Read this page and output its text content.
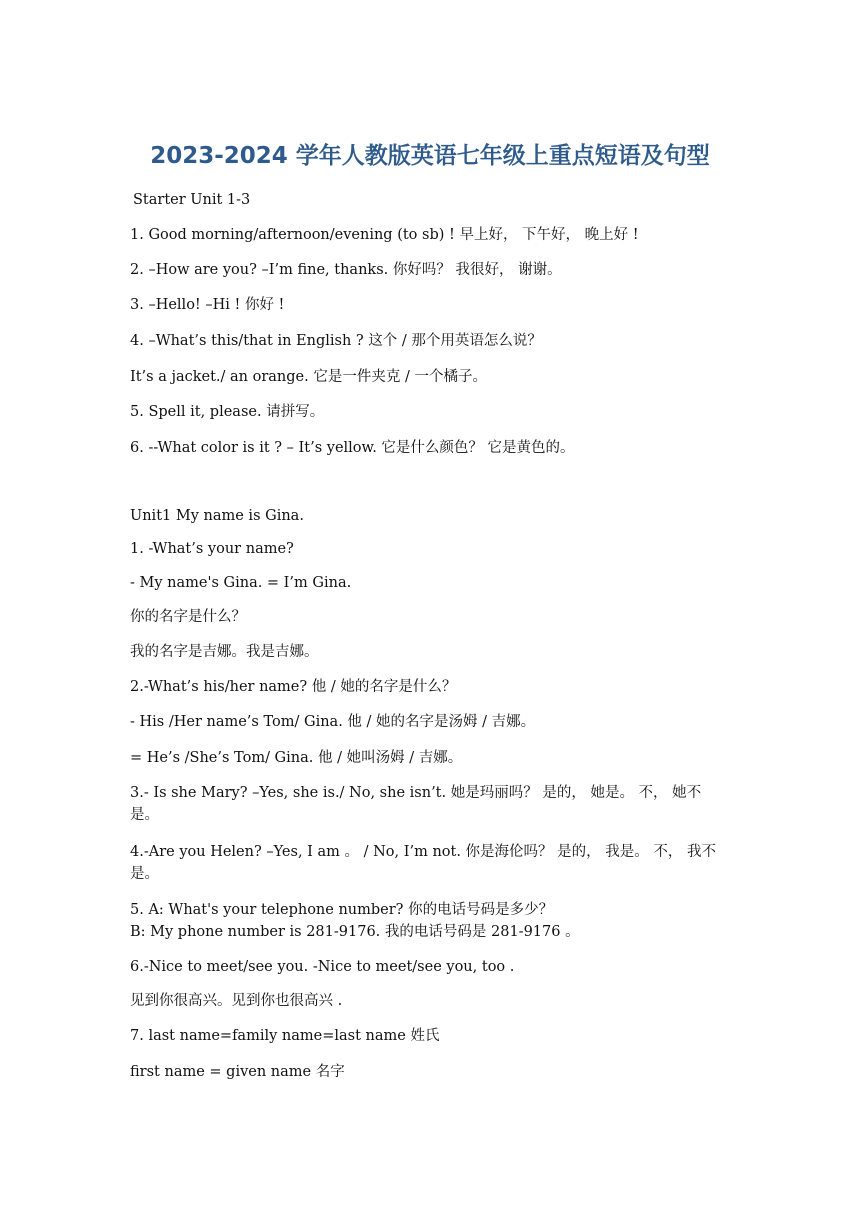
2023-2024 学年人教版英语七年级上重点短语及句型
Starter Unit 1-3
1. Good morning/afternoon/evening (to sb) ! 早上好， 下午好， 晚上好 !
2. –How are you? –I’m fine, thanks. 你好吗？ 我很好， 谢谢。
3. –Hello! –Hi ! 你好 !
4. –What’s this/that in English ? 这个 / 那个用英语怎么说？
It’s a jacket./ an orange. 它是一件夹克 / 一个橘子。
5. Spell it, please. 请拼写。
6. --What color is it ? – It’s yellow. 它是什么颜色？ 它是黄色的。
Unit1 My name is Gina.
1. -What’s your name?
- My name's Gina. = I’m Gina.
你的名字是什么？
我的名字是吉娜。我是吉娜。
2.-What’s his/her name? 他 / 她的名字是什么？
- His /Her name’s Tom/ Gina. 他 / 她的名字是汤姆 / 吉娜。
= He’s /She’s Tom/ Gina. 他 / 她叫汤姆 / 吉娜。
3.- Is she Mary? –Yes, she is./ No, she isn’t. 她是玛丽吗？ 是的， 她是。 不， 她不是。
4.-Are you Helen? –Yes, I am 。 / No, I’m not. 你是海伦吗？ 是的， 我是。 不， 我不是。
5. A: What's your telephone number? 你的电话号码是多少？
B: My phone number is 281-9176. 我的电话号码是 281-9176 。
6.-Nice to meet/see you. -Nice to meet/see you, too .
见到你很高兴。见到你也很高兴 .
7. last name=family name=last name 姓氏
first name = given name 名字
